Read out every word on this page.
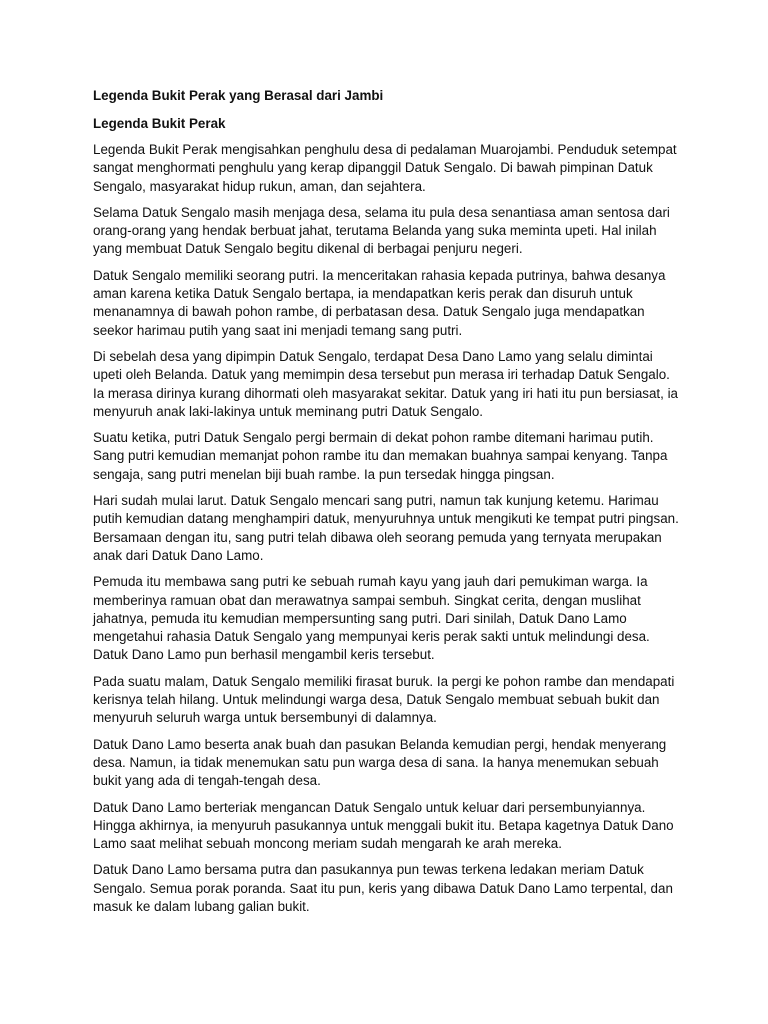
Legenda Bukit Perak yang Berasal dari Jambi
Legenda Bukit Perak

Legenda Bukit Perak mengisahkan penghulu desa di pedalaman Muarojambi. Penduduk setempat sangat menghormati penghulu yang kerap dipanggil Datuk Sengalo. Di bawah pimpinan Datuk Sengalo, masyarakat hidup rukun, aman, dan sejahtera.

Selama Datuk Sengalo masih menjaga desa, selama itu pula desa senantiasa aman sentosa dari orang-orang yang hendak berbuat jahat, terutama Belanda yang suka meminta upeti. Hal inilah yang membuat Datuk Sengalo begitu dikenal di berbagai penjuru negeri.

Datuk Sengalo memiliki seorang putri. Ia menceritakan rahasia kepada putrinya, bahwa desanya aman karena ketika Datuk Sengalo bertapa, ia mendapatkan keris perak dan disuruh untuk menanamnya di bawah pohon rambe, di perbatasan desa. Datuk Sengalo juga mendapatkan seekor harimau putih yang saat ini menjadi temang sang putri.

Di sebelah desa yang dipimpin Datuk Sengalo, terdapat Desa Dano Lamo yang selalu dimintai upeti oleh Belanda. Datuk yang memimpin desa tersebut pun merasa iri terhadap Datuk Sengalo. Ia merasa dirinya kurang dihormati oleh masyarakat sekitar. Datuk yang iri hati itu pun bersiasat, ia menyuruh anak laki-lakinya untuk meminang putri Datuk Sengalo.

Suatu ketika, putri Datuk Sengalo pergi bermain di dekat pohon rambe ditemani harimau putih. Sang putri kemudian memanjat pohon rambe itu dan memakan buahnya sampai kenyang. Tanpa sengaja, sang putri menelan biji buah rambe. Ia pun tersedak hingga pingsan.

Hari sudah mulai larut. Datuk Sengalo mencari sang putri, namun tak kunjung ketemu. Harimau putih kemudian datang menghampiri datuk, menyuruhnya untuk mengikuti ke tempat putri pingsan. Bersamaan dengan itu, sang putri telah dibawa oleh seorang pemuda yang ternyata merupakan anak dari Datuk Dano Lamo.

Pemuda itu membawa sang putri ke sebuah rumah kayu yang jauh dari pemukiman warga. Ia memberinya ramuan obat dan merawatnya sampai sembuh. Singkat cerita, dengan muslihat jahatnya, pemuda itu kemudian mempersunting sang putri. Dari sinilah, Datuk Dano Lamo mengetahui rahasia Datuk Sengalo yang mempunyai keris perak sakti untuk melindungi desa. Datuk Dano Lamo pun berhasil mengambil keris tersebut.

Pada suatu malam, Datuk Sengalo memiliki firasat buruk. Ia pergi ke pohon rambe dan mendapati kerisnya telah hilang. Untuk melindungi warga desa, Datuk Sengalo membuat sebuah bukit dan menyuruh seluruh warga untuk bersembunyi di dalamnya.

Datuk Dano Lamo beserta anak buah dan pasukan Belanda kemudian pergi, hendak menyerang desa. Namun, ia tidak menemukan satu pun warga desa di sana. Ia hanya menemukan sebuah bukit yang ada di tengah-tengah desa.

Datuk Dano Lamo berteriak mengancan Datuk Sengalo untuk keluar dari persembunyiannya. Hingga akhirnya, ia menyuruh pasukannya untuk menggali bukit itu. Betapa kagetnya Datuk Dano Lamo saat melihat sebuah moncong meriam sudah mengarah ke arah mereka.

Datuk Dano Lamo bersama putra dan pasukannya pun tewas terkena ledakan meriam Datuk Sengalo. Semua porak poranda. Saat itu pun, keris yang dibawa Datuk Dano Lamo terpental, dan masuk ke dalam lubang galian bukit.
